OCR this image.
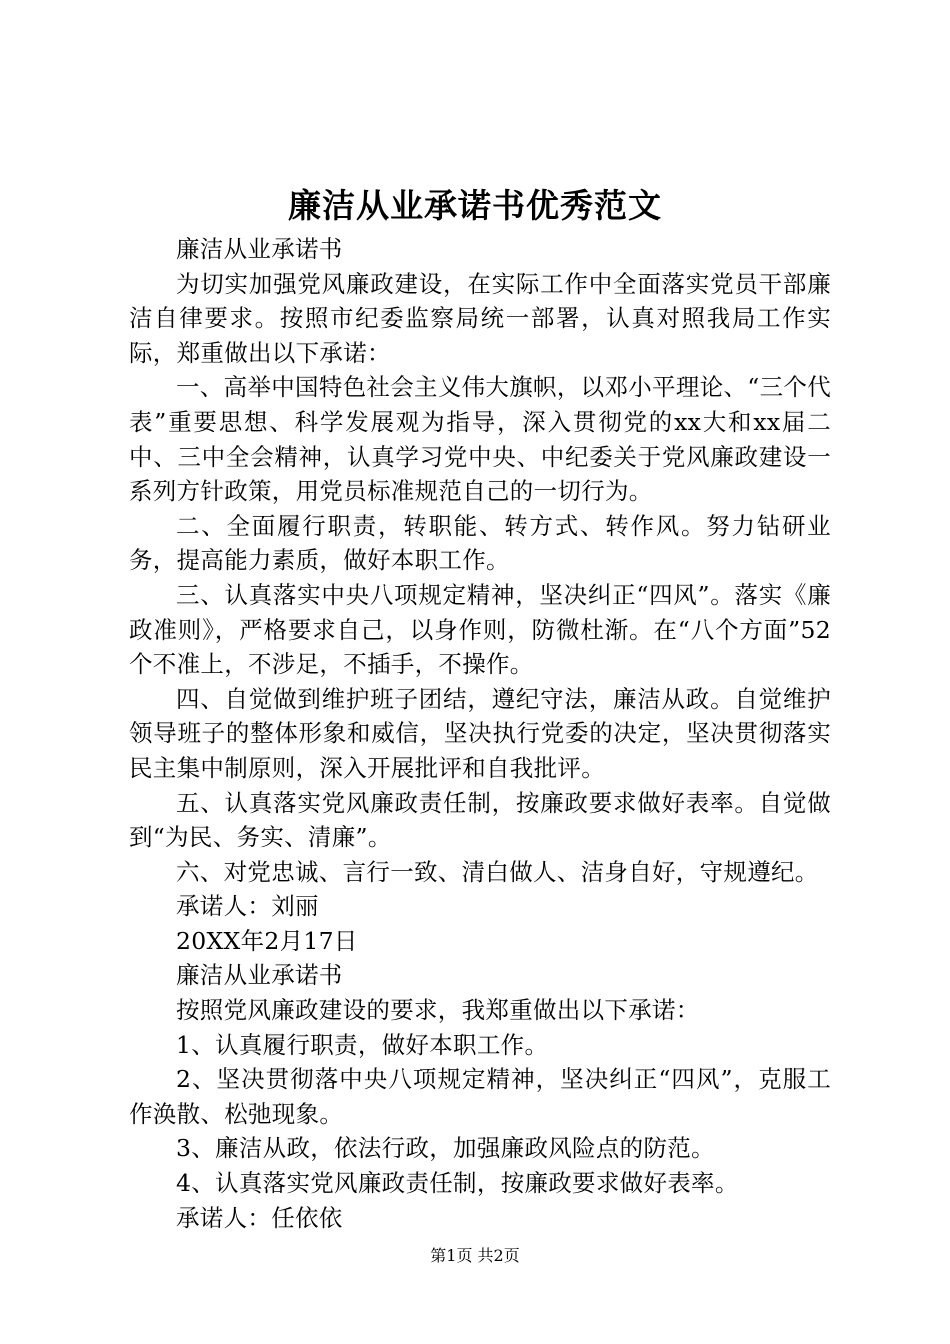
廉洁从业承诺书优秀范文

廉洁从业承诺书

为切实加强党风廉政建设，在实际工作中全面落实党员干部廉洁自律要求。按照市纪委监察局统一部署，认真对照我局工作实际，郑重做出以下承诺：

一、高举中国特色社会主义伟大旗帜，以邓小平理论、“三个代表”重要思想、科学发展观为指导，深入贯彻党的xx大和xx届二中、三中全会精神，认真学习党中央、中纪委关于党风廉政建设一系列方针政策，用党员标准规范自己的一切行为。

二、全面履行职责，转职能、转方式、转作风。努力钻研业务，提高能力素质，做好本职工作。

三、认真落实中央八项规定精神，坚决纠正“四风”。落实《廉政准则》，严格要求自己，以身作则，防微杜渐。在“八个方面”52个不准上，不涉足，不插手，不操作。

四、自觉做到维护班子团结，遵纪守法，廉洁从政。自觉维护领导班子的整体形象和威信，坚决执行党委的决定，坚决贯彻落实民主集中制原则，深入开展批评和自我批评。

五、认真落实党风廉政责任制，按廉政要求做好表率。自觉做到“为民、务实、清廉”。

六、对党忠诚、言行一致、清白做人、洁身自好，守规遵纪。

承诺人：刘丽

20XX年2月17日

廉洁从业承诺书

按照党风廉政建设的要求，我郑重做出以下承诺：

1、认真履行职责，做好本职工作。

2、坚决贯彻落中央八项规定精神，坚决纠正“四风”，克服工作涣散、松弛现象。

3、廉洁从政，依法行政，加强廉政风险点的防范。

4、认真落实党风廉政责任制，按廉政要求做好表率。

承诺人：任依依

第1页 共2页
